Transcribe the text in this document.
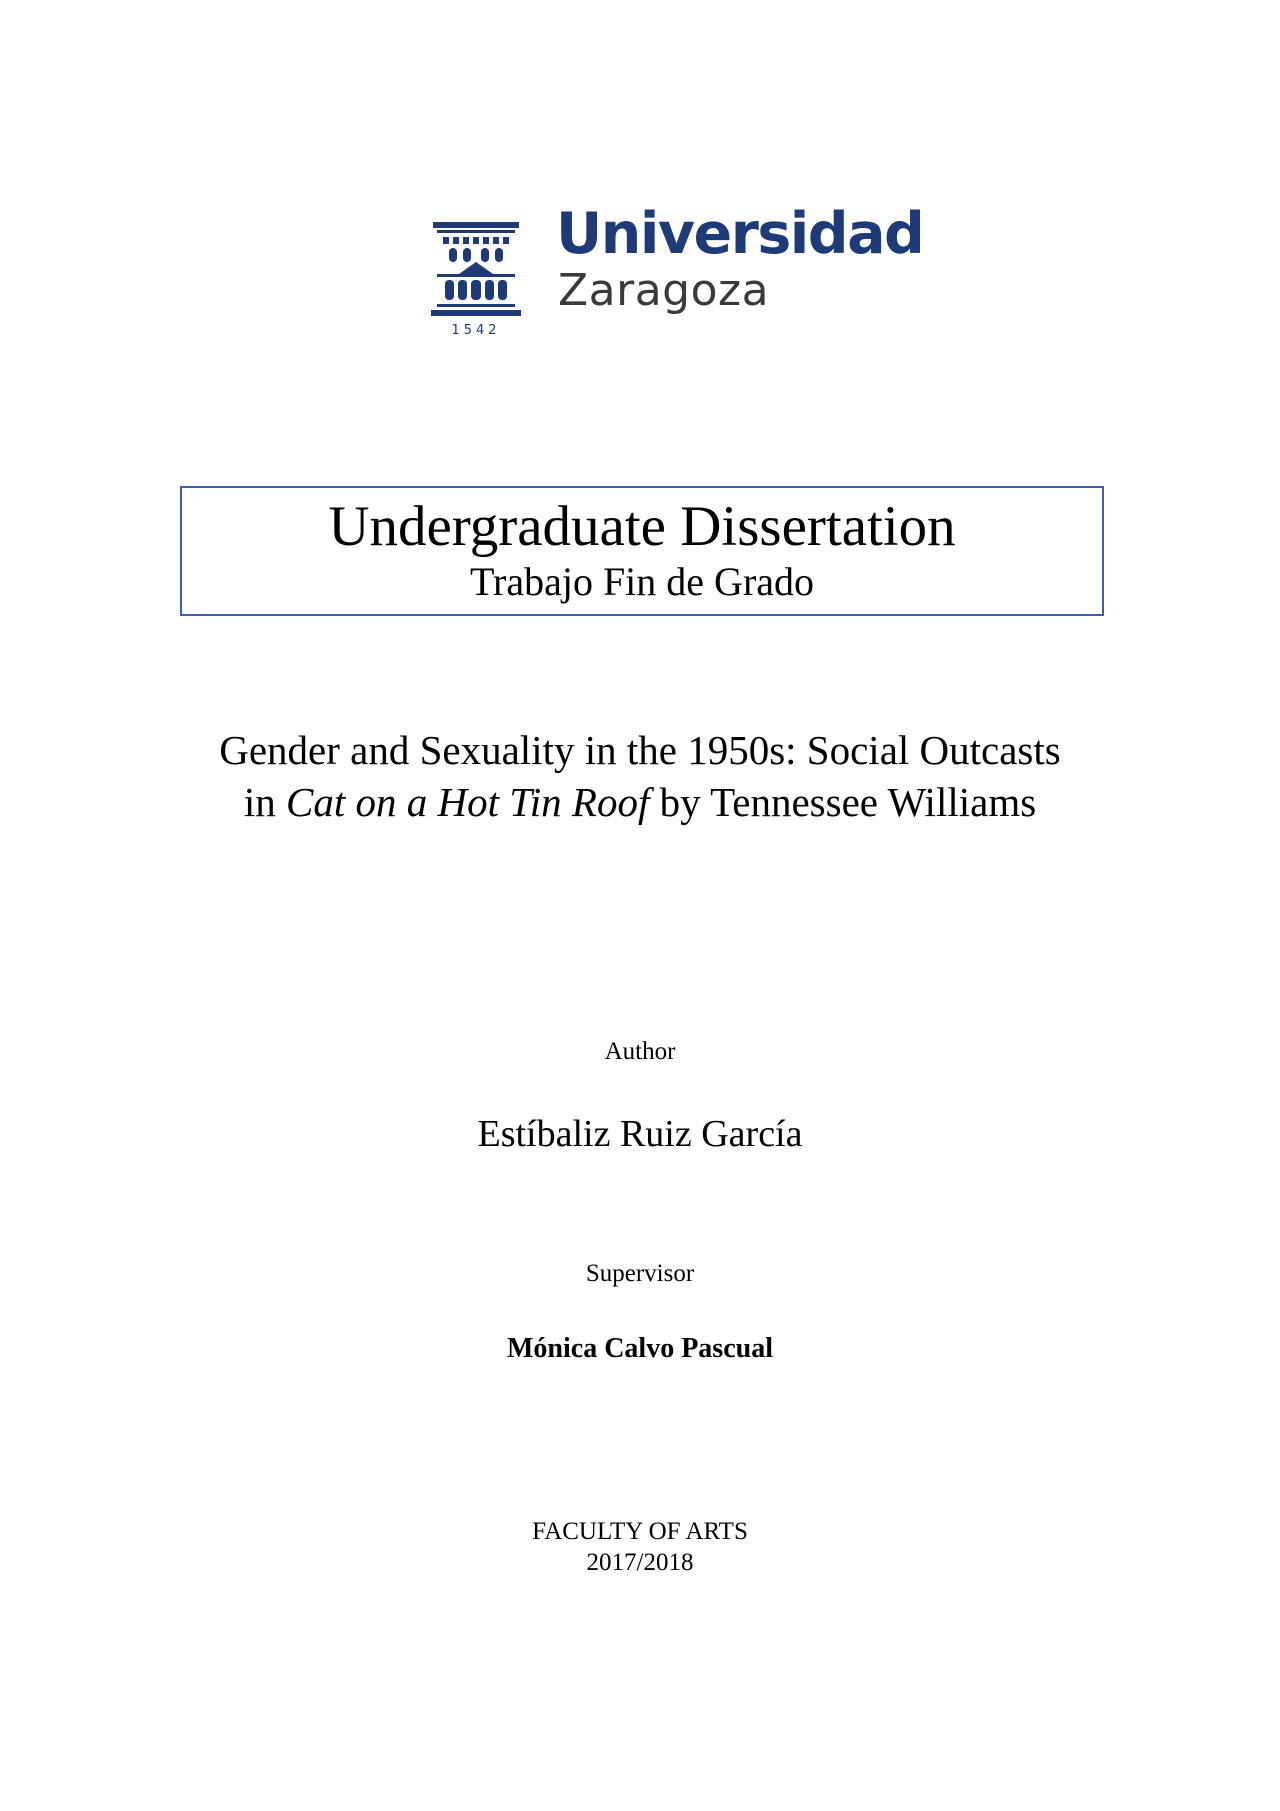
Universidad
Zaragoza
1542
Undergraduate Dissertation
Trabajo Fin de Grado
Gender and Sexuality in the 1950s: Social Outcasts
in Cat on a Hot Tin Roof by Tennessee Williams
Author
Estíbaliz Ruiz García
Supervisor
Mónica Calvo Pascual
FACULTY OF ARTS
2017/2018
